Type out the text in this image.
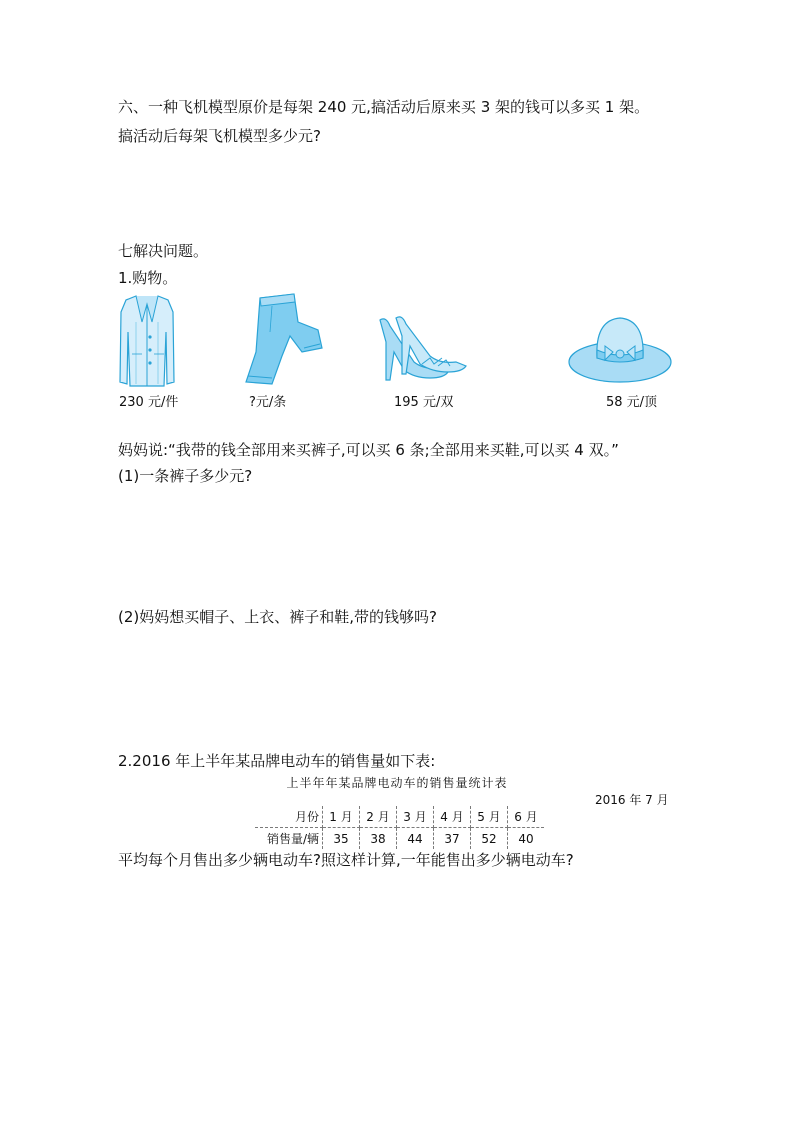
六、一种飞机模型原价是每架 240 元,搞活动后原来买 3 架的钱可以多买 1 架。
搞活动后每架飞机模型多少元?
七解决问题。
1.购物。
230 元/件	?元/条	195 元/双	58 元/顶
妈妈说:“我带的钱全部用来买裤子,可以买 6 条;全部用来买鞋,可以买 4 双。”
(1)一条裤子多少元?
(2)妈妈想买帽子、上衣、裤子和鞋,带的钱够吗?
2.2016 年上半年某品牌电动车的销售量如下表:
上半年年某品牌电动车的销售量统计表
2016 年 7 月
月份	1 月	2 月	3 月	4 月	5 月	6 月
销售量/辆	35	38	44	37	52	40
平均每个月售出多少辆电动车?照这样计算,一年能售出多少辆电动车?
